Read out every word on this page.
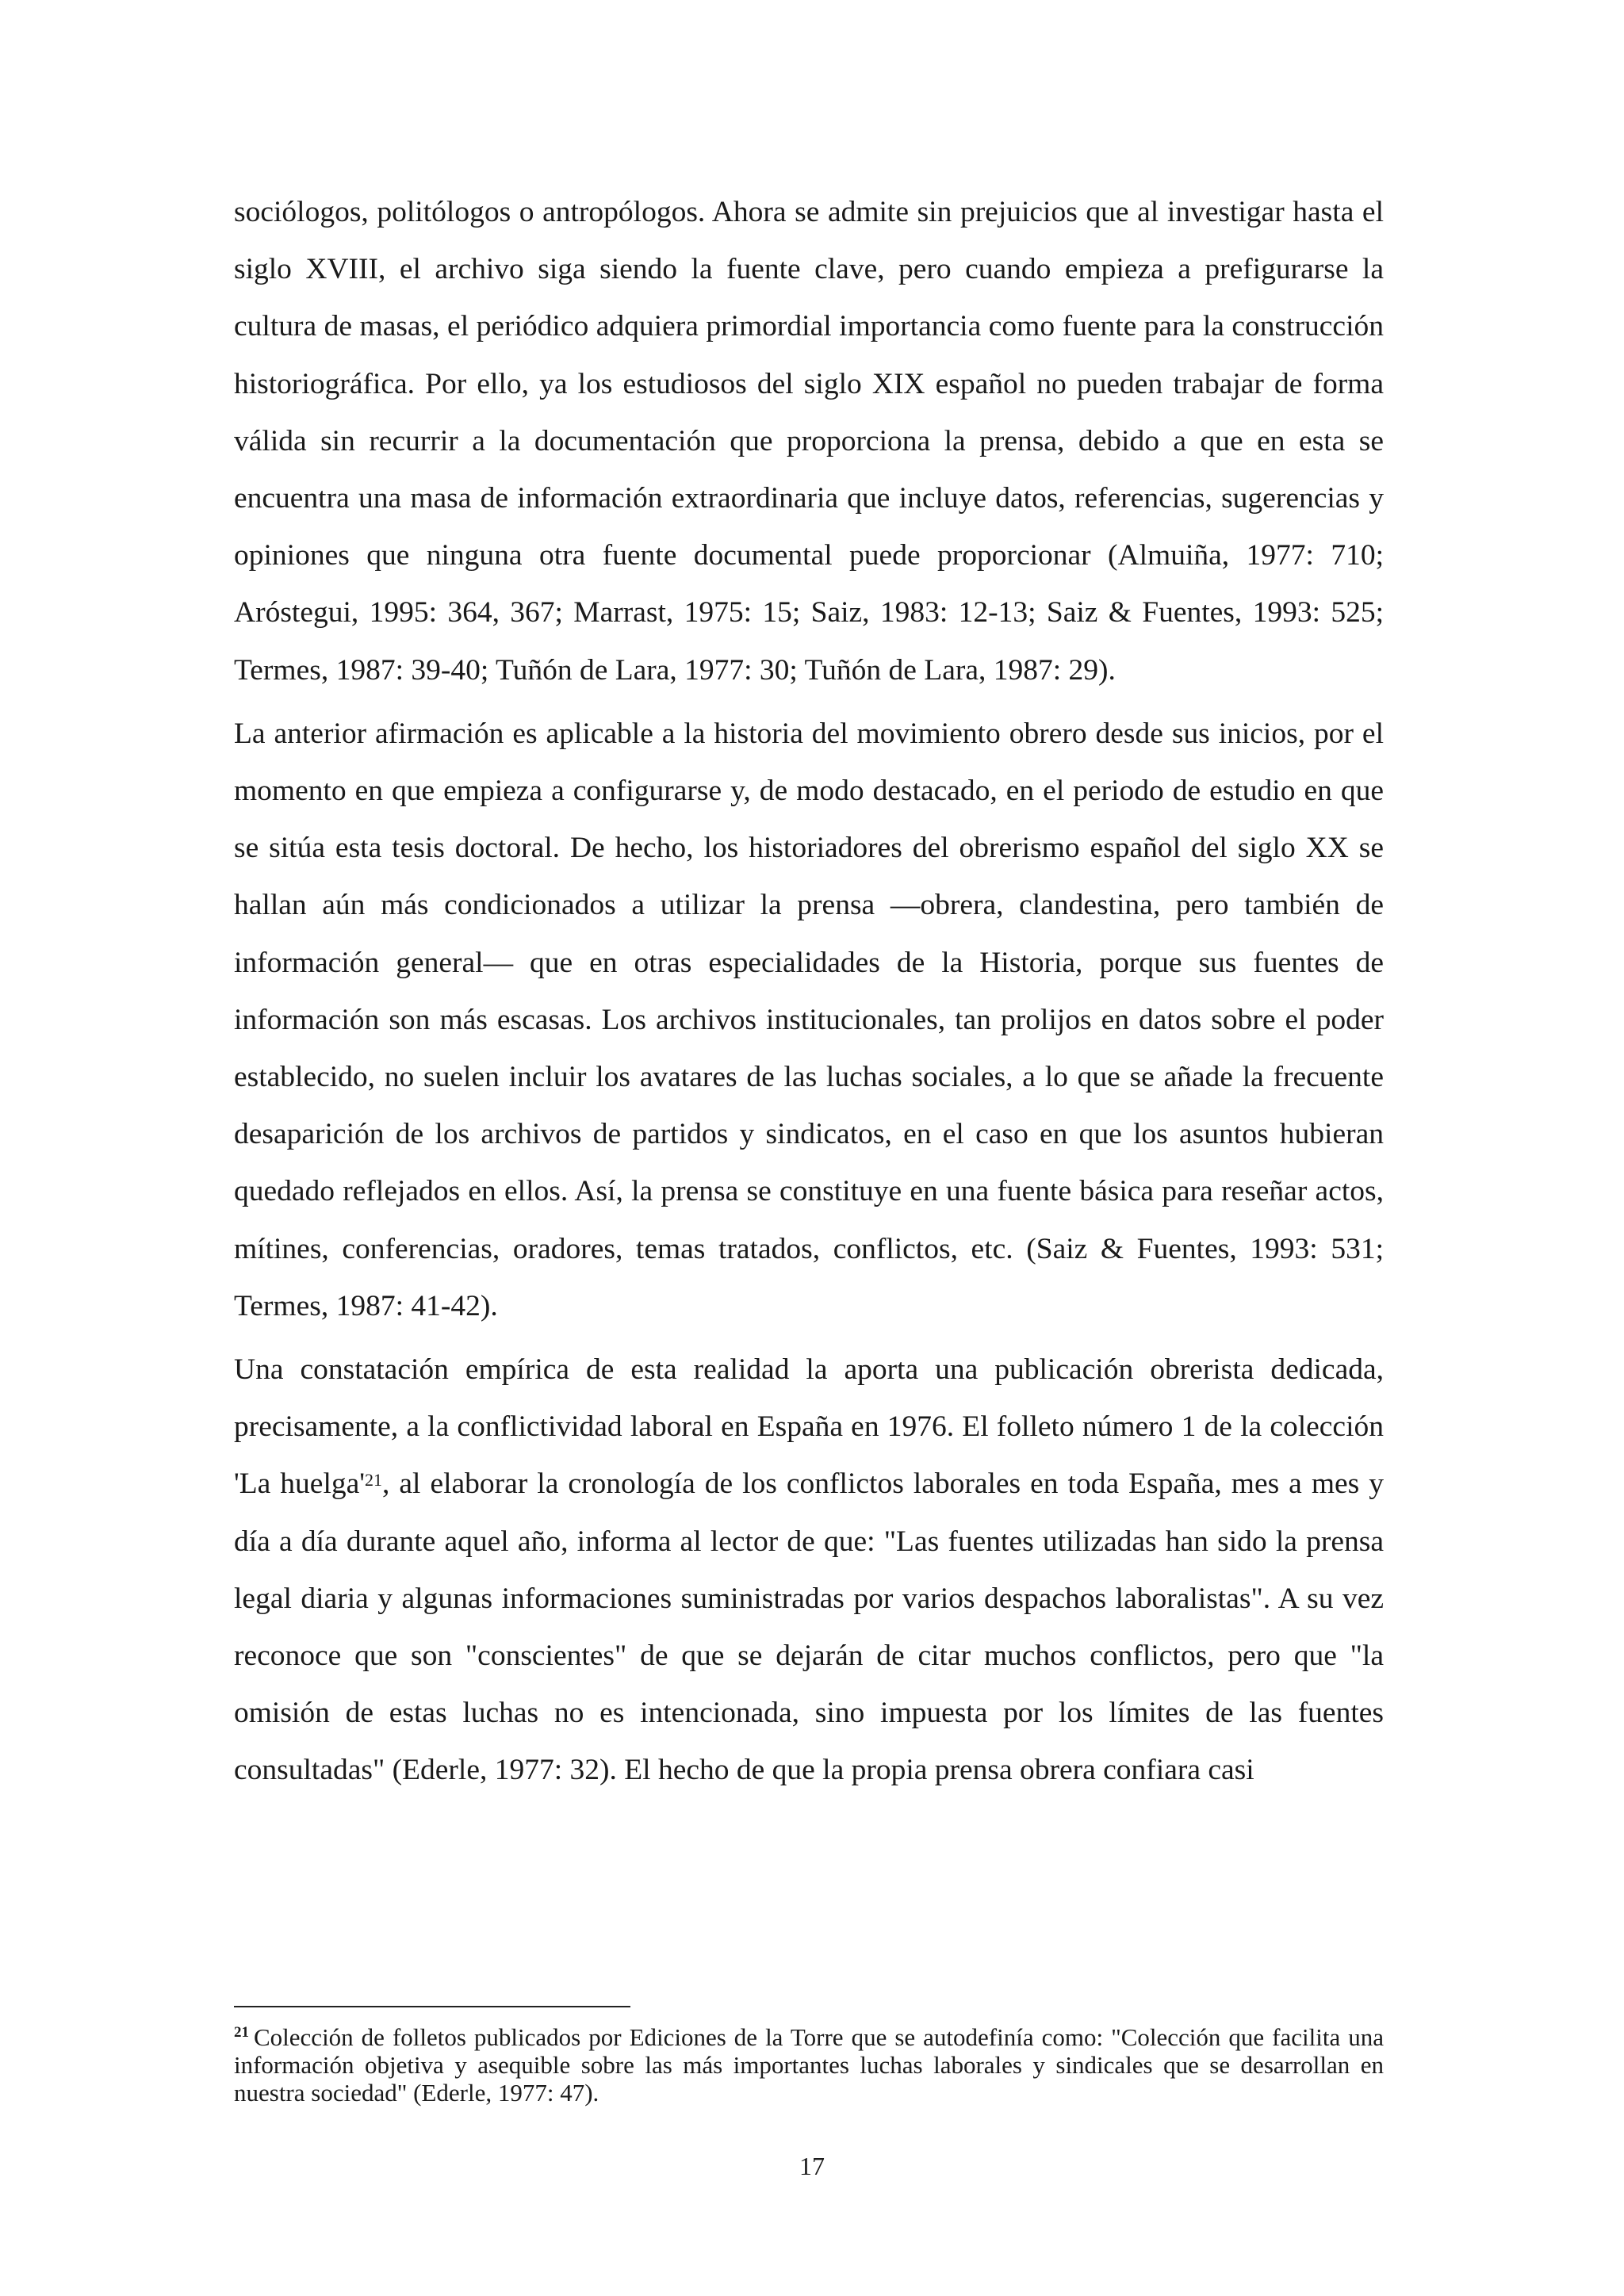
sociólogos, politólogos o antropólogos. Ahora se admite sin prejuicios que al investigar hasta el siglo XVIII, el archivo siga siendo la fuente clave, pero cuando empieza a prefigurarse la cultura de masas, el periódico adquiera primordial importancia como fuente para la construcción historiográfica. Por ello, ya los estudiosos del siglo XIX español no pueden trabajar de forma válida sin recurrir a la documentación que proporciona la prensa, debido a que en esta se encuentra una masa de información extraordinaria que incluye datos, referencias, sugerencias y opiniones que ninguna otra fuente documental puede proporcionar (Almuiña, 1977: 710; Aróstegui, 1995: 364, 367; Marrast, 1975: 15; Saiz, 1983: 12-13; Saiz & Fuentes, 1993: 525; Termes, 1987: 39-40; Tuñón de Lara, 1977: 30; Tuñón de Lara, 1987: 29).

La anterior afirmación es aplicable a la historia del movimiento obrero desde sus inicios, por el momento en que empieza a configurarse y, de modo destacado, en el periodo de estudio en que se sitúa esta tesis doctoral. De hecho, los historiadores del obrerismo español del siglo XX se hallan aún más condicionados a utilizar la prensa —obrera, clandestina, pero también de información general— que en otras especialidades de la Historia, porque sus fuentes de información son más escasas. Los archivos institucionales, tan prolijos en datos sobre el poder establecido, no suelen incluir los avatares de las luchas sociales, a lo que se añade la frecuente desaparición de los archivos de partidos y sindicatos, en el caso en que los asuntos hubieran quedado reflejados en ellos. Así, la prensa se constituye en una fuente básica para reseñar actos, mítines, conferencias, oradores, temas tratados, conflictos, etc. (Saiz & Fuentes, 1993: 531; Termes, 1987: 41-42).

Una constatación empírica de esta realidad la aporta una publicación obrerista dedicada, precisamente, a la conflictividad laboral en España en 1976. El folleto número 1 de la colección 'La huelga'$^{21}$, al elaborar la cronología de los conflictos laborales en toda España, mes a mes y día a día durante aquel año, informa al lector de que: "Las fuentes utilizadas han sido la prensa legal diaria y algunas informaciones suministradas por varios despachos laboralistas". A su vez reconoce que son "conscientes" de que se dejarán de citar muchos conflictos, pero que "la omisión de estas luchas no es intencionada, sino impuesta por los límites de las fuentes consultadas" (Ederle, 1977: 32). El hecho de que la propia prensa obrera confiara casi

$^{21}$ Colección de folletos publicados por Ediciones de la Torre que se autodefinía como: "Colección que facilita una información objetiva y asequible sobre las más importantes luchas laborales y sindicales que se desarrollan en nuestra sociedad" (Ederle, 1977: 47).

17
